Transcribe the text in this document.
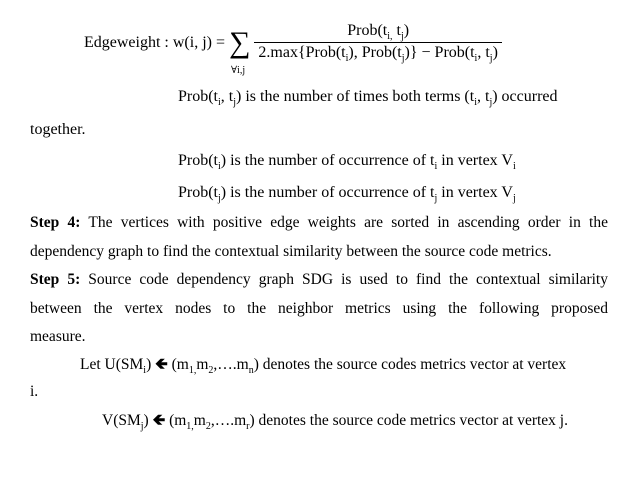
Edgeweight : w(i, j) = ∑
∀i,j

$\frac{Prob(t_{i,} t_j)}{2.\max\{Prob(t_i), Prob(t_j)\} - Prob(t_i, t_j)}$
$Prob(t_i$, $t_j$) is the number of times both terms ($t_i$, $t_j$) occurred
together.
$Prob(t_i)$ is the number of occurrence of $t_i$ in vertex $V_i$
$Prob(t_j)$ is the number of occurrence of $t_j$ in vertex $V_j$
Step 4: The vertices with positive edge weights are sorted in ascending order in the
dependency graph to find the contextual similarity between the source code metrics.
Step 5: Source code dependency graph SDG is used to find the contextual similarity
between the vertex nodes to the neighbor metrics using the following proposed
measure.
Let $U(SM_i)$ 🡸 $(m_{1,}m_2,\dots.m_n)$ denotes the source codes metrics vector at vertex
i.
$V(SM_j)$ 🡸 $(m_{1,}m_2,\dots.m_r)$ denotes the source code metrics vector at vertex j.
